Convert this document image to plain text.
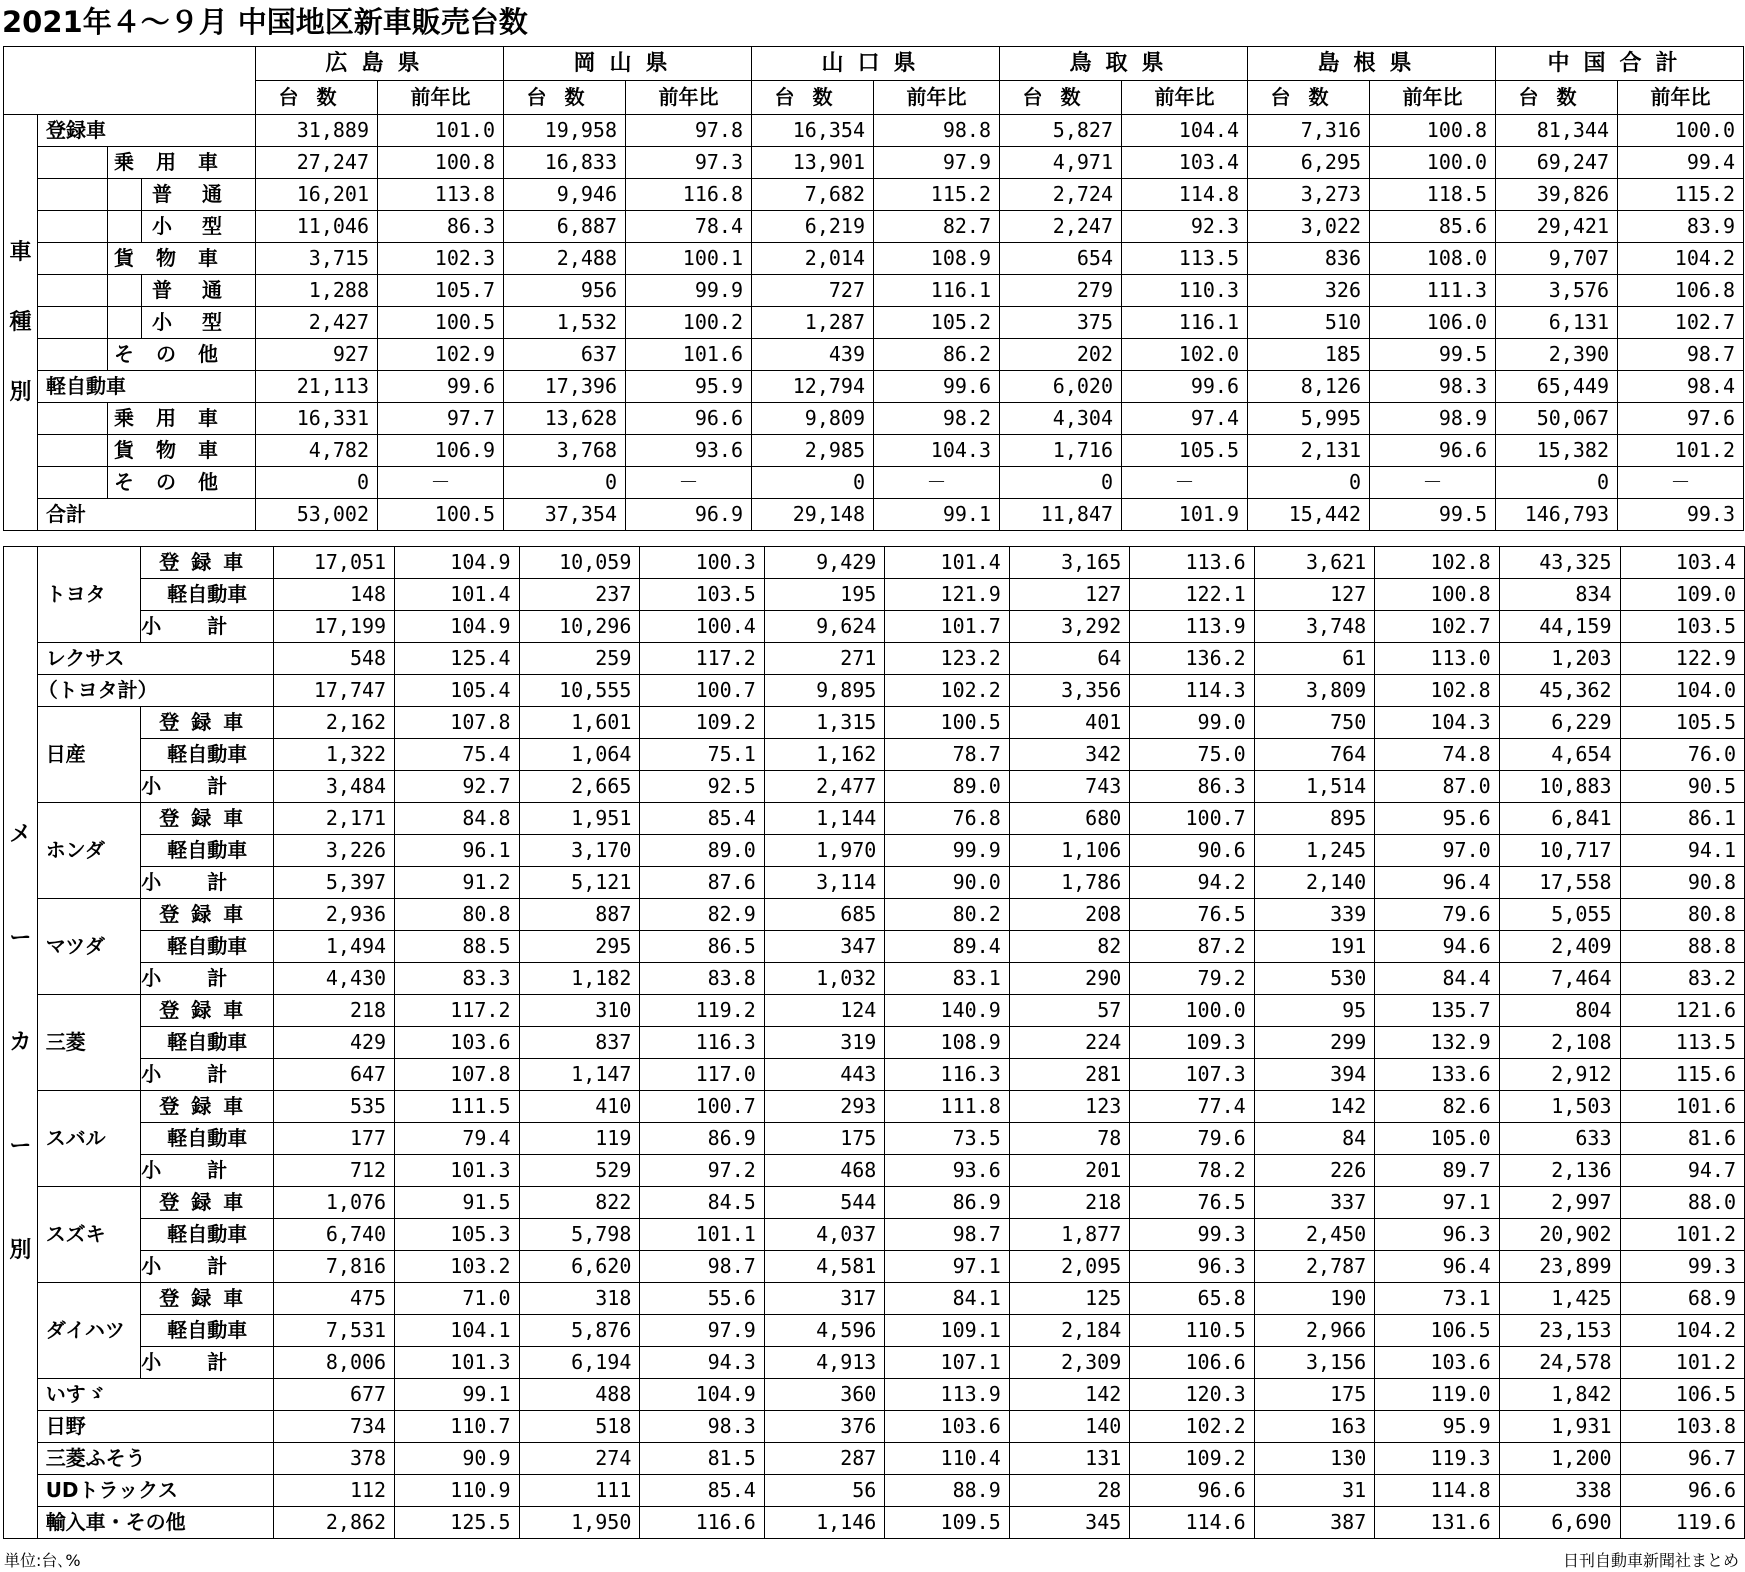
2021年４～９月 中国地区新車販売台数
				広島県		岡山県		山口県		鳥取県		島根県		中国合計	
				台数	前年比	台数	前年比	台数	前年比	台数	前年比	台数	前年比	台数	前年比

車
種
別	登録車			31,889	101.0	19,958	97.8	16,354	98.8	5,827	104.4	7,316	100.8	81,344	100.0
		乗用車		27,247	100.8	16,833	97.3	13,901	97.9	4,971	103.4	6,295	100.0	69,247	99.4
			普通	16,201	113.8	9,946	116.8	7,682	115.2	2,724	114.8	3,273	118.5	39,826	115.2
			小型	11,046	86.3	6,887	78.4	6,219	82.7	2,247	92.3	3,022	85.6	29,421	83.9
		貨物車		3,715	102.3	2,488	100.1	2,014	108.9	654	113.5	836	108.0	9,707	104.2
			普通	1,288	105.7	956	99.9	727	116.1	279	110.3	326	111.3	3,576	106.8
			小型	2,427	100.5	1,532	100.2	1,287	105.2	375	116.1	510	106.0	6,131	102.7
		その他		927	102.9	637	101.6	439	86.2	202	102.0	185	99.5	2,390	98.7
	軽自動車			21,113	99.6	17,396	95.9	12,794	99.6	6,020	99.6	8,126	98.3	65,449	98.4
		乗用車		16,331	97.7	13,628	96.6	9,809	98.2	4,304	97.4	5,995	98.9	50,067	97.6
		貨物車		4,782	106.9	3,768	93.6	2,985	104.3	1,716	105.5	2,131	96.6	15,382	101.2
		その他		0	－	0	－	0	－	0	－	0	－	0	－
	合計			53,002	100.5	37,354	96.9	29,148	99.1	11,847	101.9	15,442	99.5	146,793	99.3
メ
ー
カ
ー
別	トヨタ	登録車	17,051	104.9	10,059	100.3	9,429	101.4	3,165	113.6	3,621	102.8	43,325	103.4
		軽自動車	148	101.4	237	103.5	195	121.9	127	122.1	127	100.8	834	109.0
		小計	17,199	104.9	10,296	100.4	9,624	101.7	3,292	113.9	3,748	102.7	44,159	103.5
	レクサス		548	125.4	259	117.2	271	123.2	64	136.2	61	113.0	1,203	122.9
	（トヨタ計）		17,747	105.4	10,555	100.7	9,895	102.2	3,356	114.3	3,809	102.8	45,362	104.0
	日産	登録車	2,162	107.8	1,601	109.2	1,315	100.5	401	99.0	750	104.3	6,229	105.5
		軽自動車	1,322	75.4	1,064	75.1	1,162	78.7	342	75.0	764	74.8	4,654	76.0
		小計	3,484	92.7	2,665	92.5	2,477	89.0	743	86.3	1,514	87.0	10,883	90.5
	ホンダ	登録車	2,171	84.8	1,951	85.4	1,144	76.8	680	100.7	895	95.6	6,841	86.1
		軽自動車	3,226	96.1	3,170	89.0	1,970	99.9	1,106	90.6	1,245	97.0	10,717	94.1
		小計	5,397	91.2	5,121	87.6	3,114	90.0	1,786	94.2	2,140	96.4	17,558	90.8
	マツダ	登録車	2,936	80.8	887	82.9	685	80.2	208	76.5	339	79.6	5,055	80.8
		軽自動車	1,494	88.5	295	86.5	347	89.4	82	87.2	191	94.6	2,409	88.8
		小計	4,430	83.3	1,182	83.8	1,032	83.1	290	79.2	530	84.4	7,464	83.2
	三菱	登録車	218	117.2	310	119.2	124	140.9	57	100.0	95	135.7	804	121.6
		軽自動車	429	103.6	837	116.3	319	108.9	224	109.3	299	132.9	2,108	113.5
		小計	647	107.8	1,147	117.0	443	116.3	281	107.3	394	133.6	2,912	115.6
	スバル	登録車	535	111.5	410	100.7	293	111.8	123	77.4	142	82.6	1,503	101.6
		軽自動車	177	79.4	119	86.9	175	73.5	78	79.6	84	105.0	633	81.6
		小計	712	101.3	529	97.2	468	93.6	201	78.2	226	89.7	2,136	94.7
	スズキ	登録車	1,076	91.5	822	84.5	544	86.9	218	76.5	337	97.1	2,997	88.0
		軽自動車	6,740	105.3	5,798	101.1	4,037	98.7	1,877	99.3	2,450	96.3	20,902	101.2
		小計	7,816	103.2	6,620	98.7	4,581	97.1	2,095	96.3	2,787	96.4	23,899	99.3
	ダイハツ	登録車	475	71.0	318	55.6	317	84.1	125	65.8	190	73.1	1,425	68.9
		軽自動車	7,531	104.1	5,876	97.9	4,596	109.1	2,184	110.5	2,966	106.5	23,153	104.2
		小計	8,006	101.3	6,194	94.3	4,913	107.1	2,309	106.6	3,156	103.6	24,578	101.2
	いすゞ		677	99.1	488	104.9	360	113.9	142	120.3	175	119.0	1,842	106.5
	日野		734	110.7	518	98.3	376	103.6	140	102.2	163	95.9	1,931	103.8
	三菱ふそう		378	90.9	274	81.5	287	110.4	131	109.2	130	119.3	1,200	96.7
	UDトラックス		112	110.9	111	85.4	56	88.9	28	96.6	31	114.8	338	96.6
	輸入車・その他		2,862	125.5	1,950	116.6	1,146	109.5	345	114.6	387	131.6	6,690	119.6
単位:台､%	日刊自動車新聞社まとめ
